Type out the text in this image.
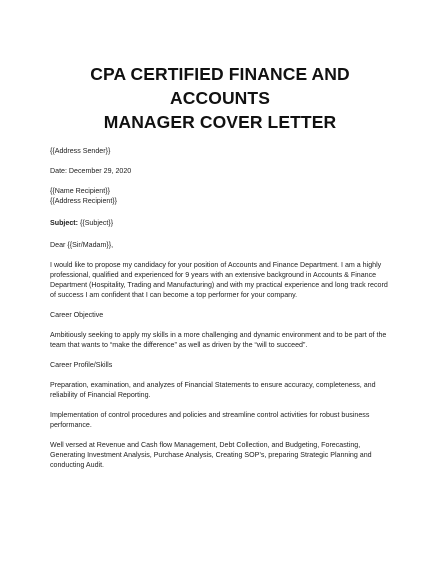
CPA CERTIFIED FINANCE AND ACCOUNTS
MANAGER COVER LETTER

{{Address Sender}}

Date: December 29, 2020

{{Name Recipient}}

{{Address Recipient}}

Subject: {{Subject}}

Dear {{Sir/Madam}},

I would like to propose my candidacy for your position of Accounts and Finance Department. I am a highly professional, qualified and experienced for 9 years with an extensive background in Accounts & Finance Department (Hospitality, Trading and Manufacturing) and with my practical experience and long track record of success I am confident that I can become a top performer for your company.

Career Objective

Ambitiously seeking to apply my skills in a more challenging and dynamic environment and to be part of the team that wants to “make the difference” as well as driven by the “will to succeed”.

Career Profile/Skills

Preparation, examination, and analyzes of Financial Statements to ensure accuracy, completeness, and reliability of Financial Reporting.

Implementation of control procedures and policies and streamline control activities for robust business performance.

Well versed at Revenue and Cash flow Management, Debt Collection, and Budgeting, Forecasting, Generating Investment Analysis, Purchase Analysis, Creating SOP’s, preparing Strategic Planning and conducting Audit.
